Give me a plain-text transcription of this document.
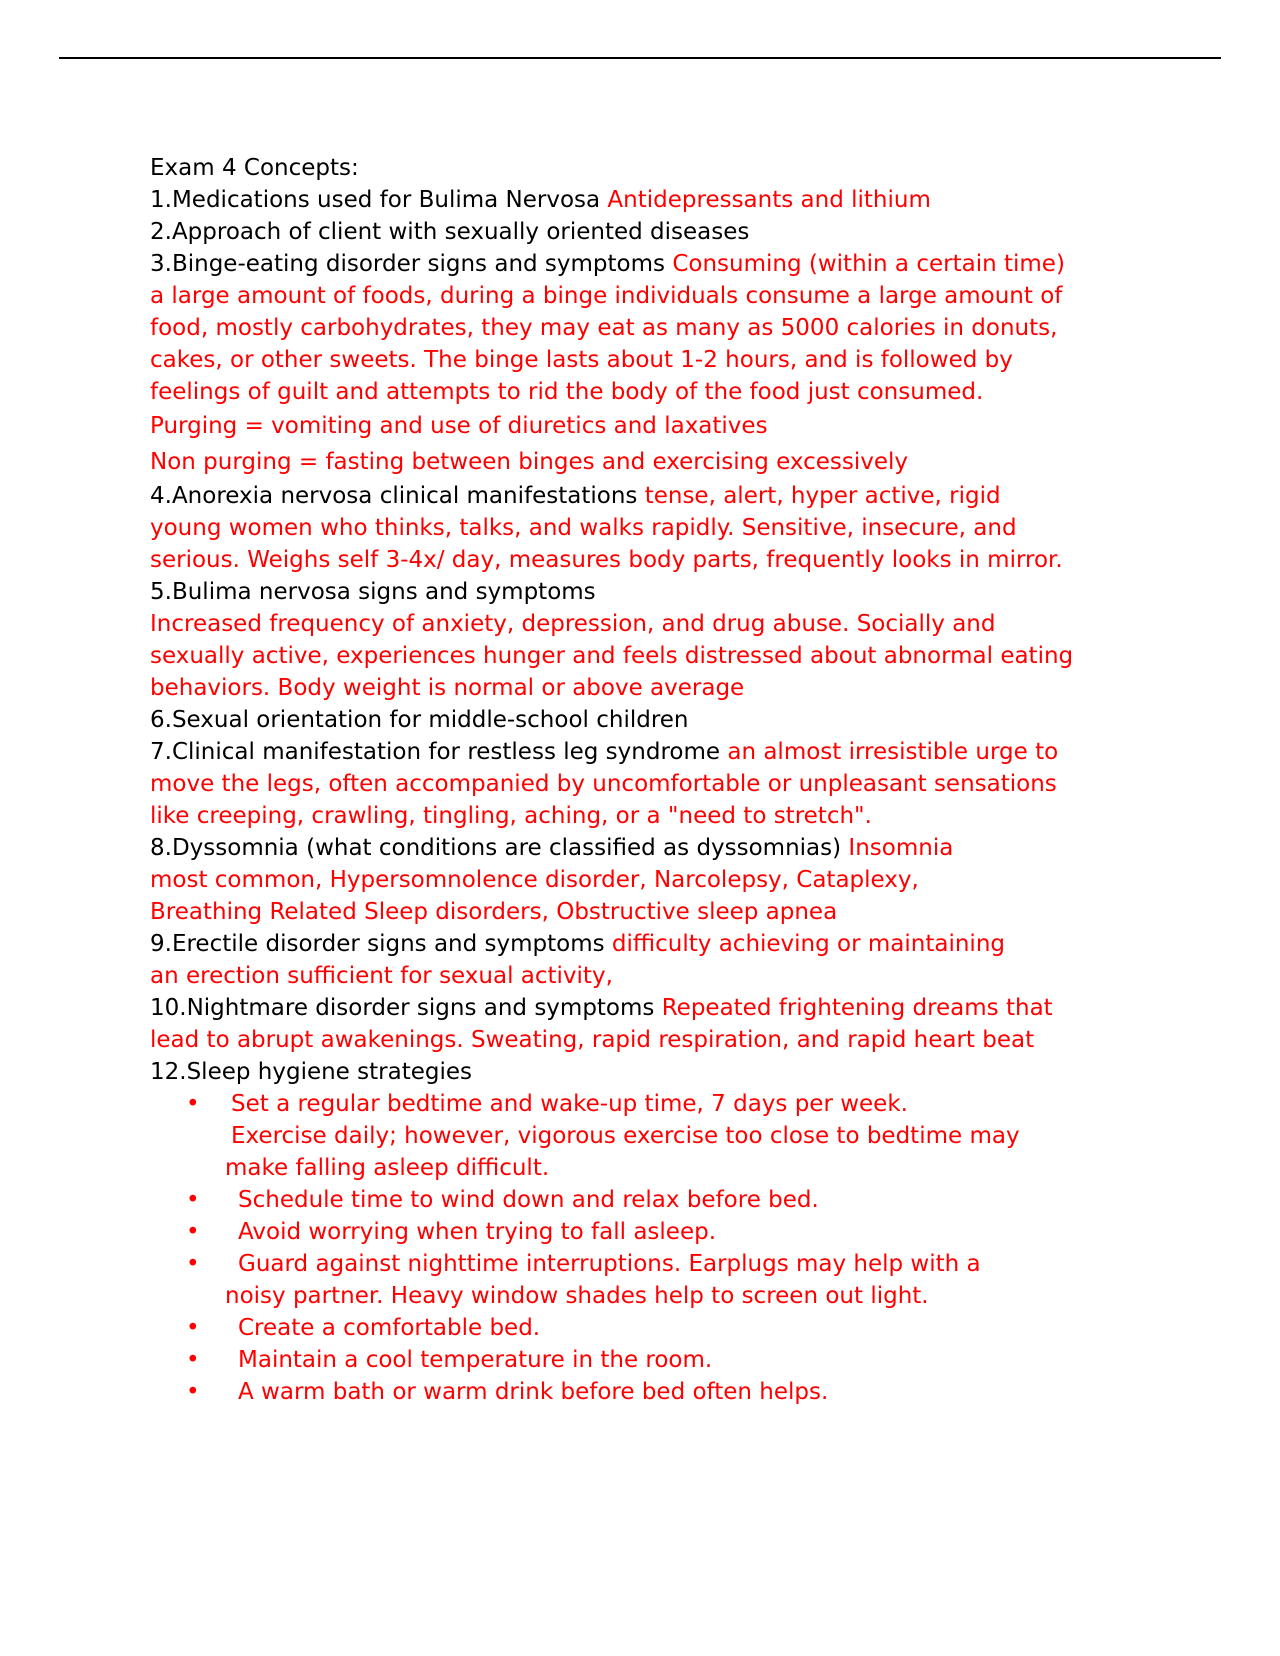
Exam 4 Concepts:
1.Medications used for Bulima Nervosa Antidepressants and lithium
2.Approach of client with sexually oriented diseases
3.Binge-eating disorder signs and symptoms Consuming (within a certain time)
a large amount of foods, during a binge individuals consume a large amount of
food, mostly carbohydrates, they may eat as many as 5000 calories in donuts,
cakes, or other sweets. The binge lasts about 1-2 hours, and is followed by
feelings of guilt and attempts to rid the body of the food just consumed.
Purging = vomiting and use of diuretics and laxatives
Non purging = fasting between binges and exercising excessively
4.Anorexia nervosa clinical manifestations tense, alert, hyper active, rigid
young women who thinks, talks, and walks rapidly. Sensitive, insecure, and
serious. Weighs self 3-4x/ day, measures body parts, frequently looks in mirror.
5.Bulima nervosa signs and symptoms
Increased frequency of anxiety, depression, and drug abuse. Socially and
sexually active, experiences hunger and feels distressed about abnormal eating
behaviors. Body weight is normal or above average
6.Sexual orientation for middle-school children
7.Clinical manifestation for restless leg syndrome an almost irresistible urge to
move the legs, often accompanied by uncomfortable or unpleasant sensations
like creeping, crawling, tingling, aching, or a "need to stretch".
8.Dyssomnia (what conditions are classified as dyssomnias) Insomnia
most common, Hypersomnolence disorder, Narcolepsy, Cataplexy,
Breathing Related Sleep disorders, Obstructive sleep apnea
9.Erectile disorder signs and symptoms difficulty achieving or maintaining
an erection sufficient for sexual activity,
10.Nightmare disorder signs and symptoms Repeated frightening dreams that
lead to abrupt awakenings. Sweating, rapid respiration, and rapid heart beat
12.Sleep hygiene strategies
•	Set a regular bedtime and wake-up time, 7 days per week.
Exercise daily; however, vigorous exercise too close to bedtime may
make falling asleep difficult.
•	Schedule time to wind down and relax before bed.
•	Avoid worrying when trying to fall asleep.
•	Guard against nighttime interruptions. Earplugs may help with a
noisy partner. Heavy window shades help to screen out light.
•	Create a comfortable bed.
•	Maintain a cool temperature in the room.
•	A warm bath or warm drink before bed often helps.
